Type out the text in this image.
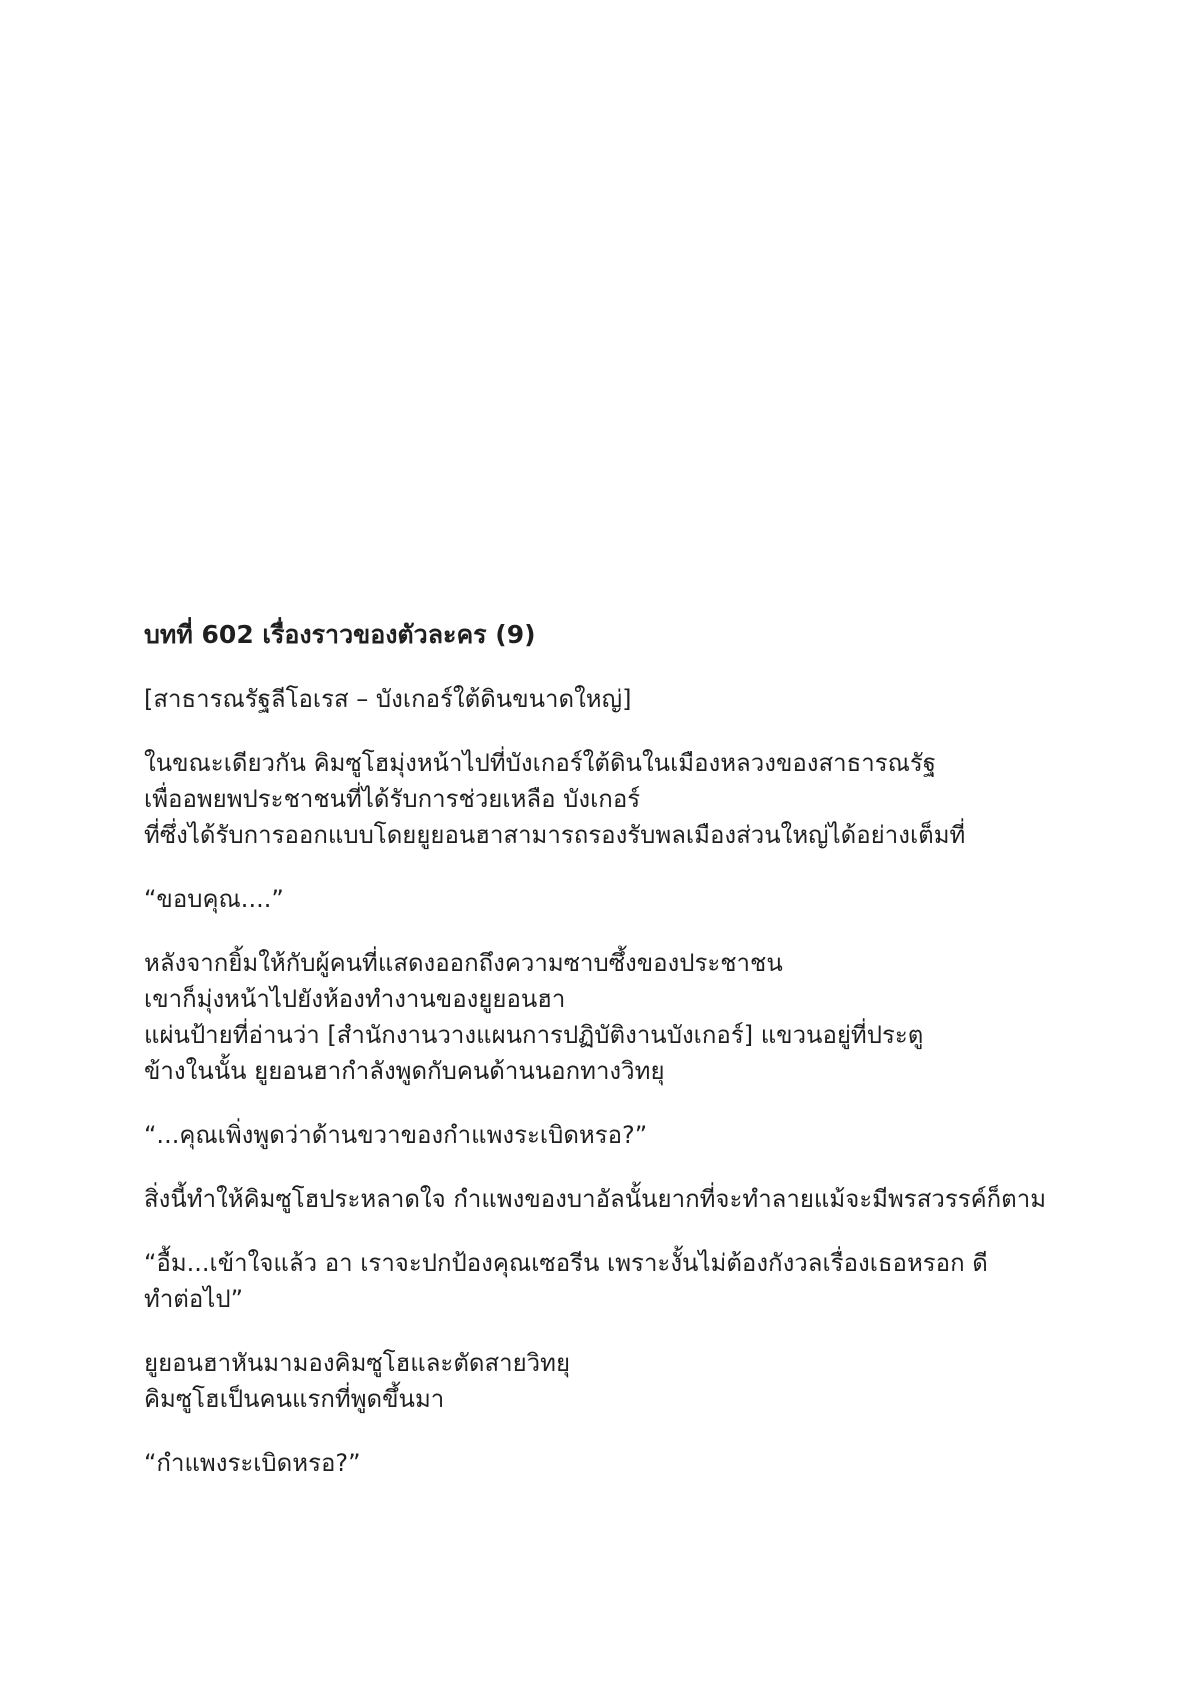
บทที่ 602 เรื่องราวของตัวละคร (9)

[สาธารณรัฐลีโอเรส – บังเกอร์ใต้ดินขนาดใหญ่]

ในขณะเดียวกัน คิมซูโฮมุ่งหน้าไปที่บังเกอร์ใต้ดินในเมืองหลวงของสาธารณรัฐ
เพื่ออพยพประชาชนที่ได้รับการช่วยเหลือ บังเกอร์
ที่ซึ่งได้รับการออกแบบโดยยูยอนฮาสามารถรองรับพลเมืองส่วนใหญ่ได้อย่างเต็มที่

“ขอบคุณ....”

หลังจากยิ้มให้กับผู้คนที่แสดงออกถึงความซาบซึ้งของประชาชน
เขาก็มุ่งหน้าไปยังห้องทำงานของยูยอนฮา
แผ่นป้ายที่อ่านว่า [สำนักงานวางแผนการปฏิบัติงานบังเกอร์] แขวนอยู่ที่ประตู
ข้างในนั้น ยูยอนฮากำลังพูดกับคนด้านนอกทางวิทยุ

“...คุณเพิ่งพูดว่าด้านขวาของกำแพงระเบิดหรอ?”

สิ่งนี้ทำให้คิมซูโฮประหลาดใจ กำแพงของบาอัลนั้นยากที่จะทำลายแม้จะมีพรสวรรค์ก็ตาม

“อื้ม...เข้าใจแล้ว อา เราจะปกป้องคุณเซอรีน เพราะงั้นไม่ต้องกังวลเรื่องเธอหรอก ดี
ทำต่อไป”

ยูยอนฮาหันมามองคิมซูโฮและตัดสายวิทยุ
คิมซูโฮเป็นคนแรกที่พูดขึ้นมา

“กำแพงระเบิดหรอ?”
